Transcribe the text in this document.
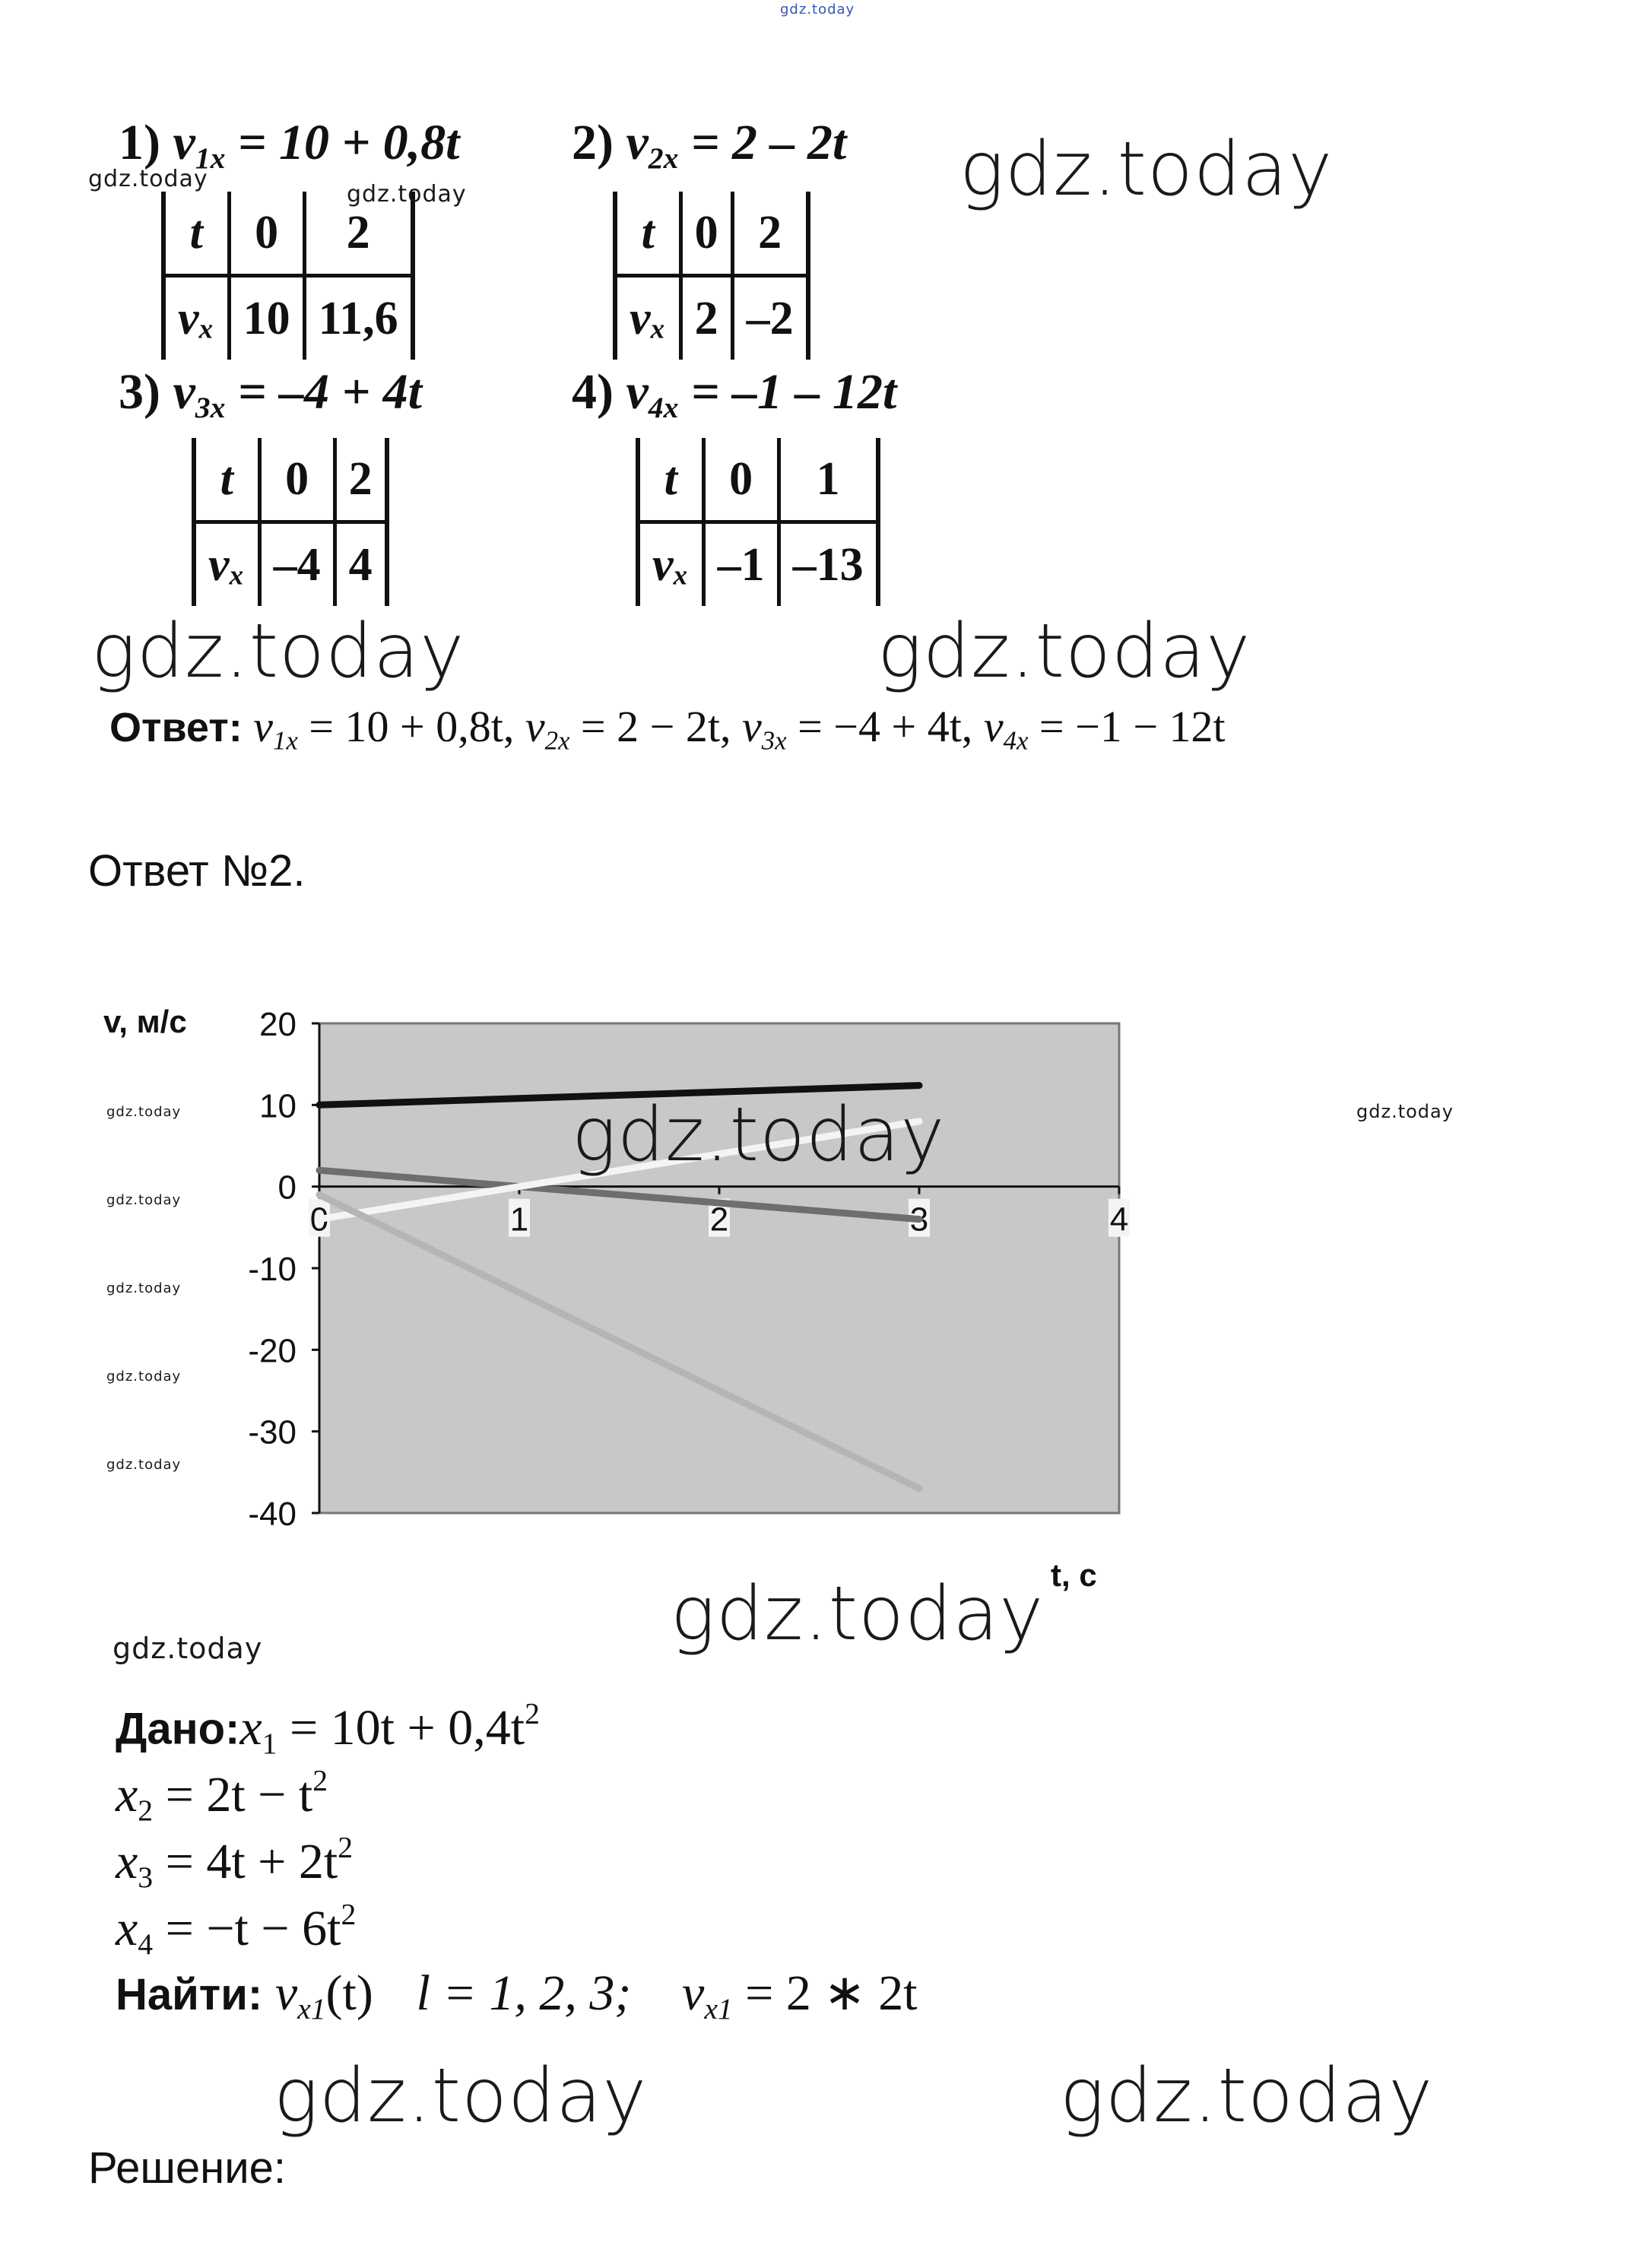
gdz.today
1) $v_{1x} = 10 + 0,8t$ 2) $v_{2x} = 2 - 2t$
3) $v_{3x} = -4 + 4t$	4) $v_{4x} = -1 - 12t$
t	0	2
vₓ	10	11,6
t	0	2
vₓ	2	–2
t	0	2
vₓ	–4	4
t	0	1
vₓ	–1	–13
gdz.today
gdz.today
gdz.today
gdz.today	gdz.today
Ответ: $v_{1x} = 10 + 0,8t$, $v_{2x} = 2 - 2t$, $v_{3x} = -4 + 4t$, $v_{4x} = -1 - 12t$
Ответ №2.
20
10
0
-10
-20
-30
-40
0	1	2	3	4
v, м/с
t, с
gdz.today
gdz.today
gdz.today
gdz.today
gdz.today
gdz.today
gdz.today
gdz.today
gdz.today
$Дано:x_1 = 10t + 0,4t^2$
$x_2 = 2t - t^2$
$x_3 = 4t + 2t^2$
$x_4 = -t - 6t^2$
Найти: $v_{x1}(t) l = 1$, 2, 3; $v_{x1} = 2$ ∗ 2t
gdz.today	gdz.today
Решение:
